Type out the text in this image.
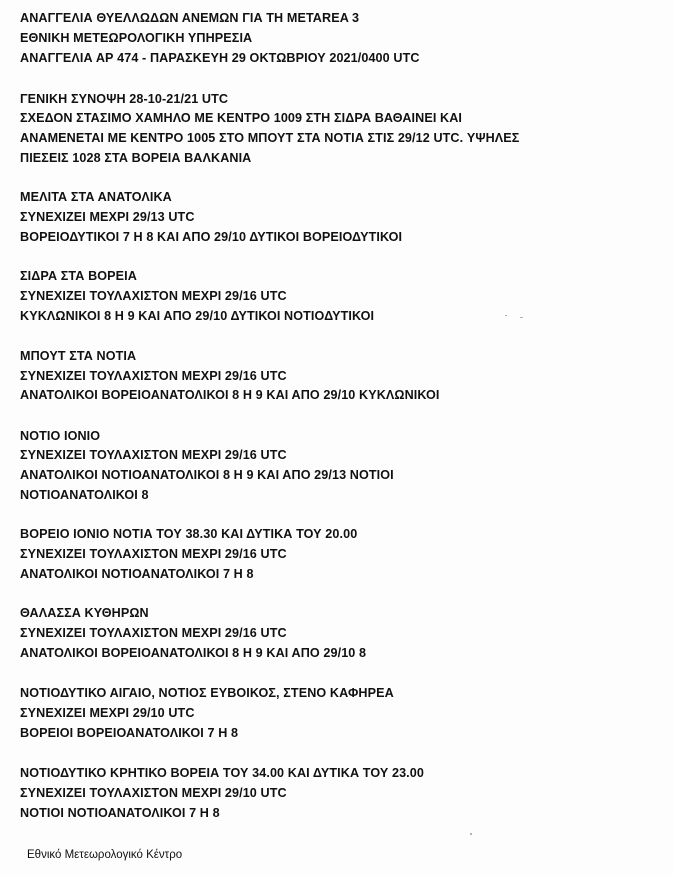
ΑΝΑΓΓΕΛΙΑ ΘΥΕΛΛΩΔΩΝ ΑΝΕΜΩΝ ΓΙΑ ΤΗ METAREA 3
ΕΘΝΙΚΗ ΜΕΤΕΩΡΟΛΟΓΙΚΗ ΥΠΗΡΕΣΙΑ
ΑΝΑΓΓΕΛΙΑ ΑΡ 474 - ΠΑΡΑΣΚΕΥΗ 29 ΟΚΤΩΒΡΙΟΥ 2021/0400 UTC
ΓΕΝΙΚΗ ΣΥΝΟΨΗ 28-10-21/21 UTC
ΣΧΕΔΟΝ ΣΤΑΣΙΜΟ ΧΑΜΗΛΟ ΜΕ ΚΕΝΤΡΟ 1009 ΣΤΗ ΣΙΔΡΑ ΒΑΘΑΙΝΕΙ ΚΑΙ
ΑΝΑΜΕΝΕΤΑΙ ΜΕ ΚΕΝΤΡΟ 1005 ΣΤΟ ΜΠΟΥΤ ΣΤΑ ΝΟΤΙΑ ΣΤΙΣ 29/12 UTC. ΥΨΗΛΕΣ
ΠΙΕΣΕΙΣ 1028 ΣΤΑ ΒΟΡΕΙΑ ΒΑΛΚΑΝΙΑ
ΜΕΛΙΤΑ ΣΤΑ ΑΝΑΤΟΛΙΚΑ
ΣΥΝΕΧΙΖΕΙ ΜΕΧΡΙ 29/13 UTC
ΒΟΡΕΙΟΔΥΤΙΚΟΙ 7 Η 8 ΚΑΙ ΑΠΟ 29/10 ΔΥΤΙΚΟΙ ΒΟΡΕΙΟΔΥΤΙΚΟΙ
ΣΙΔΡΑ ΣΤΑ ΒΟΡΕΙΑ
ΣΥΝΕΧΙΖΕΙ ΤΟΥΛΑΧΙΣΤΟΝ ΜΕΧΡΙ 29/16 UTC
ΚΥΚΛΩΝΙΚΟΙ 8 Η 9 ΚΑΙ ΑΠΟ 29/10 ΔΥΤΙΚΟΙ ΝΟΤΙΟΔΥΤΙΚΟΙ
ΜΠΟΥΤ ΣΤΑ ΝΟΤΙΑ
ΣΥΝΕΧΙΖΕΙ ΤΟΥΛΑΧΙΣΤΟΝ ΜΕΧΡΙ 29/16 UTC
ΑΝΑΤΟΛΙΚΟΙ ΒΟΡΕΙΟΑΝΑΤΟΛΙΚΟΙ 8 Η 9 ΚΑΙ ΑΠΟ 29/10 ΚΥΚΛΩΝΙΚΟΙ
ΝΟΤΙΟ ΙΟΝΙΟ
ΣΥΝΕΧΙΖΕΙ ΤΟΥΛΑΧΙΣΤΟΝ ΜΕΧΡΙ 29/16 UTC
ΑΝΑΤΟΛΙΚΟΙ ΝΟΤΙΟΑΝΑΤΟΛΙΚΟΙ 8 Η 9 ΚΑΙ ΑΠΟ 29/13 ΝΟΤΙΟΙ
ΝΟΤΙΟΑΝΑΤΟΛΙΚΟΙ 8
ΒΟΡΕΙΟ ΙΟΝΙΟ ΝΟΤΙΑ ΤΟΥ 38.30 ΚΑΙ ΔΥΤΙΚΑ ΤΟΥ 20.00
ΣΥΝΕΧΙΖΕΙ ΤΟΥΛΑΧΙΣΤΟΝ ΜΕΧΡΙ 29/16 UTC
ΑΝΑΤΟΛΙΚΟΙ ΝΟΤΙΟΑΝΑΤΟΛΙΚΟΙ 7 Η 8
ΘΑΛΑΣΣΑ ΚΥΘΗΡΩΝ
ΣΥΝΕΧΙΖΕΙ ΤΟΥΛΑΧΙΣΤΟΝ ΜΕΧΡΙ 29/16 UTC
ΑΝΑΤΟΛΙΚΟΙ ΒΟΡΕΙΟΑΝΑΤΟΛΙΚΟΙ 8 Η 9 ΚΑΙ ΑΠΟ 29/10 8
ΝΟΤΙΟΔΥΤΙΚΟ ΑΙΓΑΙΟ, ΝΟΤΙΟΣ ΕΥΒΟΙΚΟΣ, ΣΤΕΝΟ ΚΑΦΗΡΕΑ
ΣΥΝΕΧΙΖΕΙ ΜΕΧΡΙ 29/10 UTC
ΒΟΡΕΙΟΙ ΒΟΡΕΙΟΑΝΑΤΟΛΙΚΟΙ 7 Η 8
ΝΟΤΙΟΔΥΤΙΚΟ ΚΡΗΤΙΚΟ ΒΟΡΕΙΑ ΤΟΥ 34.00 ΚΑΙ ΔΥΤΙΚΑ ΤΟΥ 23.00
ΣΥΝΕΧΙΖΕΙ ΤΟΥΛΑΧΙΣΤΟΝ ΜΕΧΡΙ 29/10 UTC
ΝΟΤΙΟΙ ΝΟΤΙΟΑΝΑΤΟΛΙΚΟΙ 7 Η 8
Εθνικό Μετεωρολογικό Κέντρο
